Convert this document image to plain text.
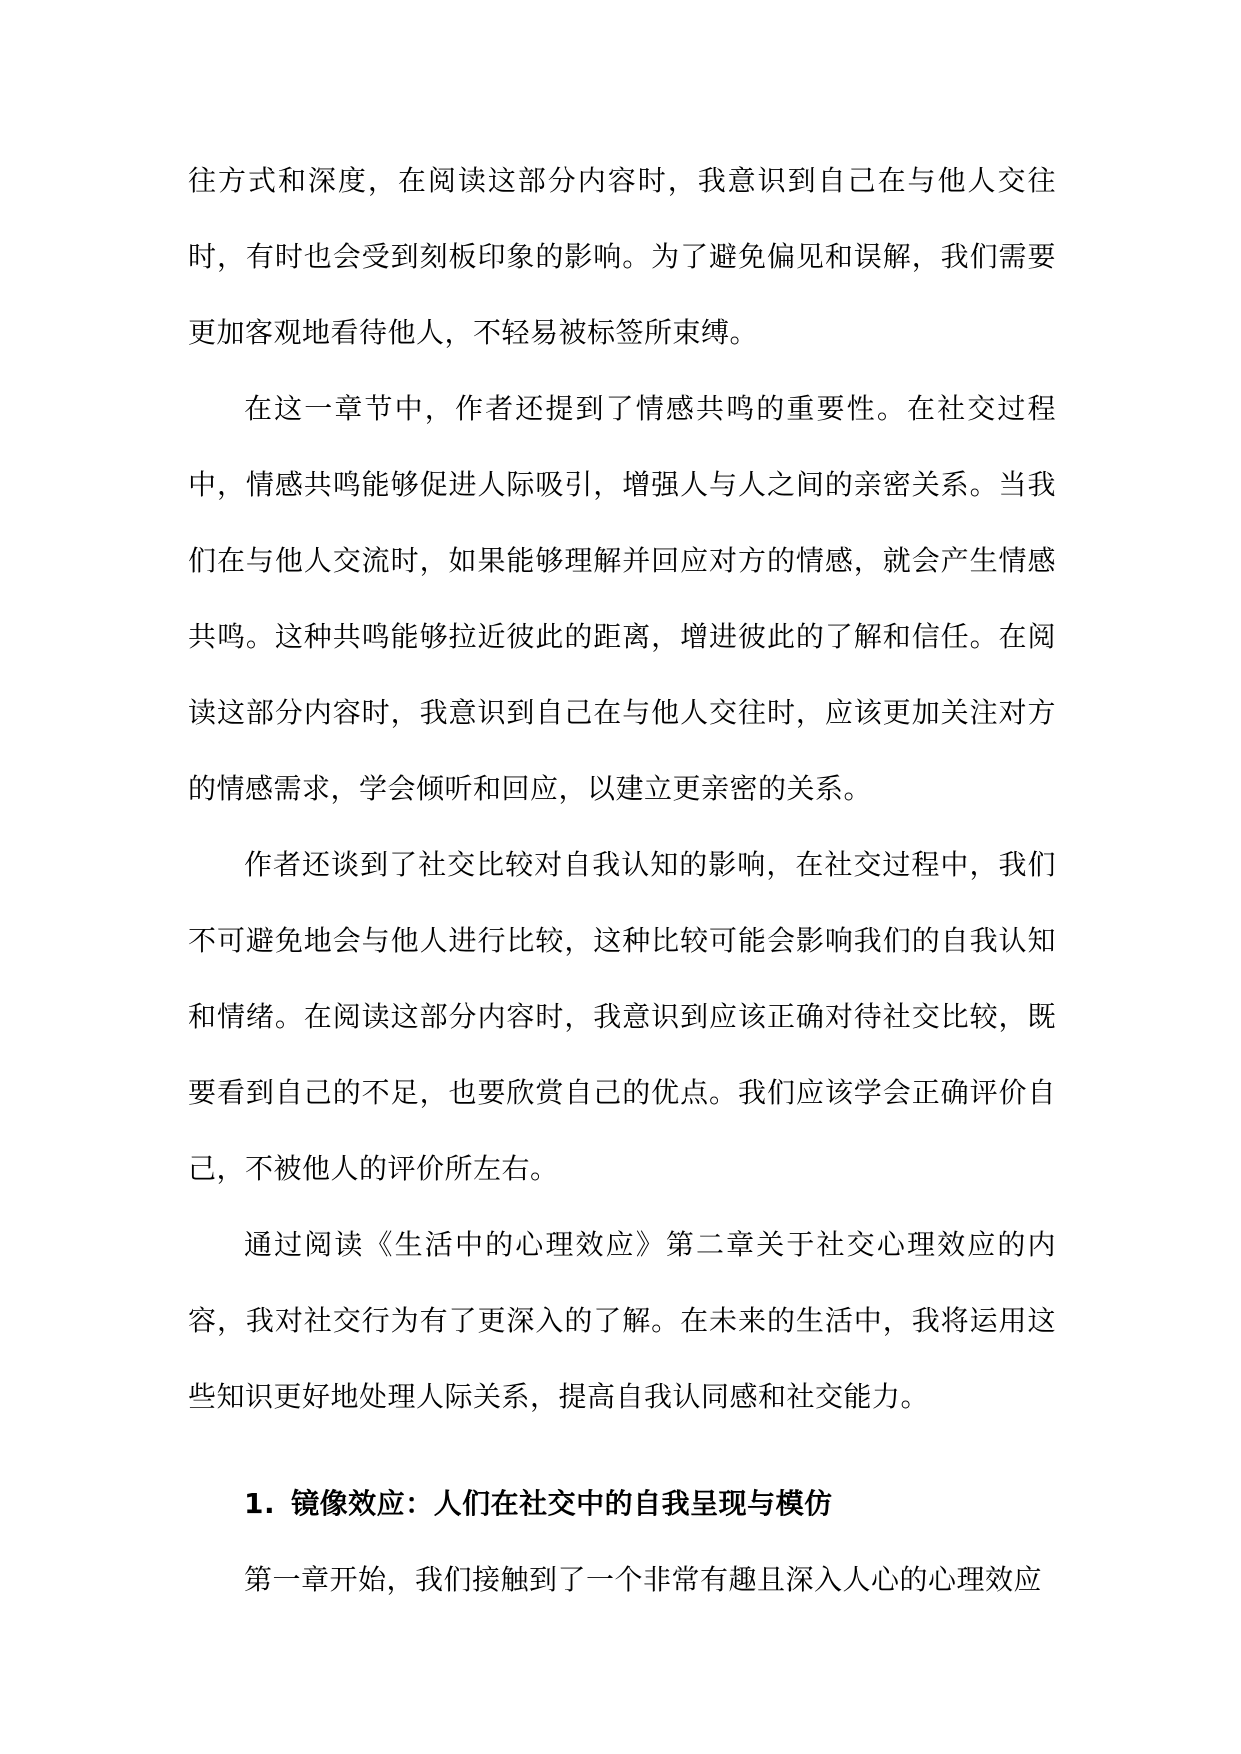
往方式和深度，在阅读这部分内容时，我意识到自己在与他人交往时，有时也会受到刻板印象的影响。为了避免偏见和误解，我们需要更加客观地看待他人，不轻易被标签所束缚。

在这一章节中，作者还提到了情感共鸣的重要性。在社交过程中，情感共鸣能够促进人际吸引，增强人与人之间的亲密关系。当我们在与他人交流时，如果能够理解并回应对方的情感，就会产生情感共鸣。这种共鸣能够拉近彼此的距离，增进彼此的了解和信任。在阅读这部分内容时，我意识到自己在与他人交往时，应该更加关注对方的情感需求，学会倾听和回应，以建立更亲密的关系。

作者还谈到了社交比较对自我认知的影响，在社交过程中，我们不可避免地会与他人进行比较，这种比较可能会影响我们的自我认知和情绪。在阅读这部分内容时，我意识到应该正确对待社交比较，既要看到自己的不足，也要欣赏自己的优点。我们应该学会正确评价自己，不被他人的评价所左右。

通过阅读《生活中的心理效应》第二章关于社交心理效应的内容，我对社交行为有了更深入的了解。在未来的生活中，我将运用这些知识更好地处理人际关系，提高自我认同感和社交能力。

1. 镜像效应：人们在社交中的自我呈现与模仿

第一章开始，我们接触到了一个非常有趣且深入人心的心理效应
